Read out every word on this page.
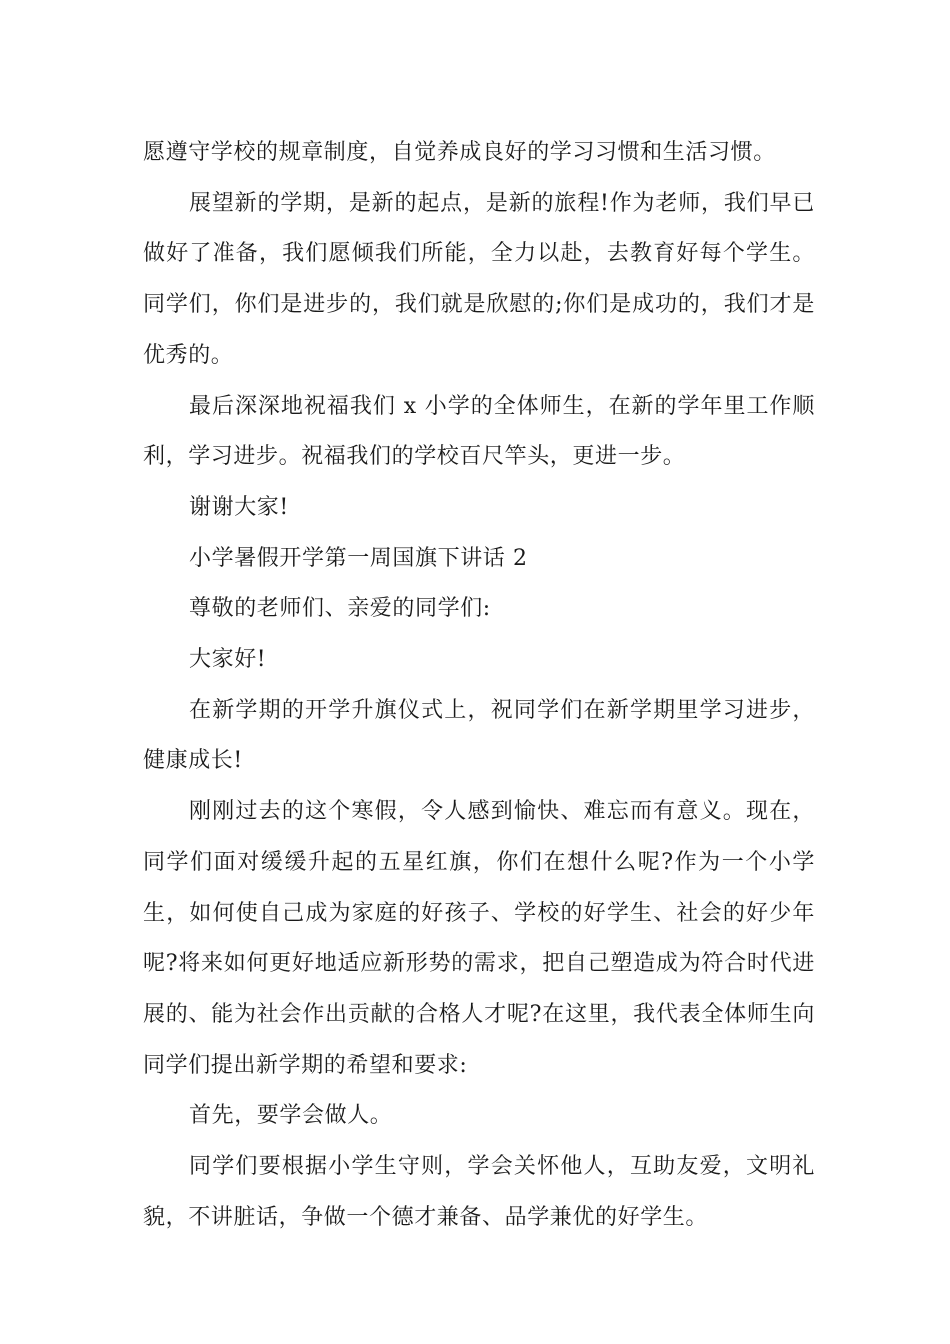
愿遵守学校的规章制度，自觉养成良好的学习习惯和生活习惯。

展望新的学期，是新的起点，是新的旅程!作为老师，我们早已做好了准备，我们愿倾我们所能，全力以赴，去教育好每个学生。同学们，你们是进步的，我们就是欣慰的;你们是成功的，我们才是优秀的。

最后深深地祝福我们 x 小学的全体师生，在新的学年里工作顺利，学习进步。祝福我们的学校百尺竿头，更进一步。

谢谢大家!

小学暑假开学第一周国旗下讲话 2

尊敬的老师们、亲爱的同学们:

大家好!

在新学期的开学升旗仪式上，祝同学们在新学期里学习进步，健康成长!

刚刚过去的这个寒假，令人感到愉快、难忘而有意义。现在，同学们面对缓缓升起的五星红旗，你们在想什么呢?作为一个小学生，如何使自己成为家庭的好孩子、学校的好学生、社会的好少年呢?将来如何更好地适应新形势的需求，把自己塑造成为符合时代进展的、能为社会作出贡献的合格人才呢?在这里，我代表全体师生向同学们提出新学期的希望和要求:

首先，要学会做人。

同学们要根据小学生守则，学会关怀他人，互助友爱，文明礼貌，不讲脏话，争做一个德才兼备、品学兼优的好学生。
